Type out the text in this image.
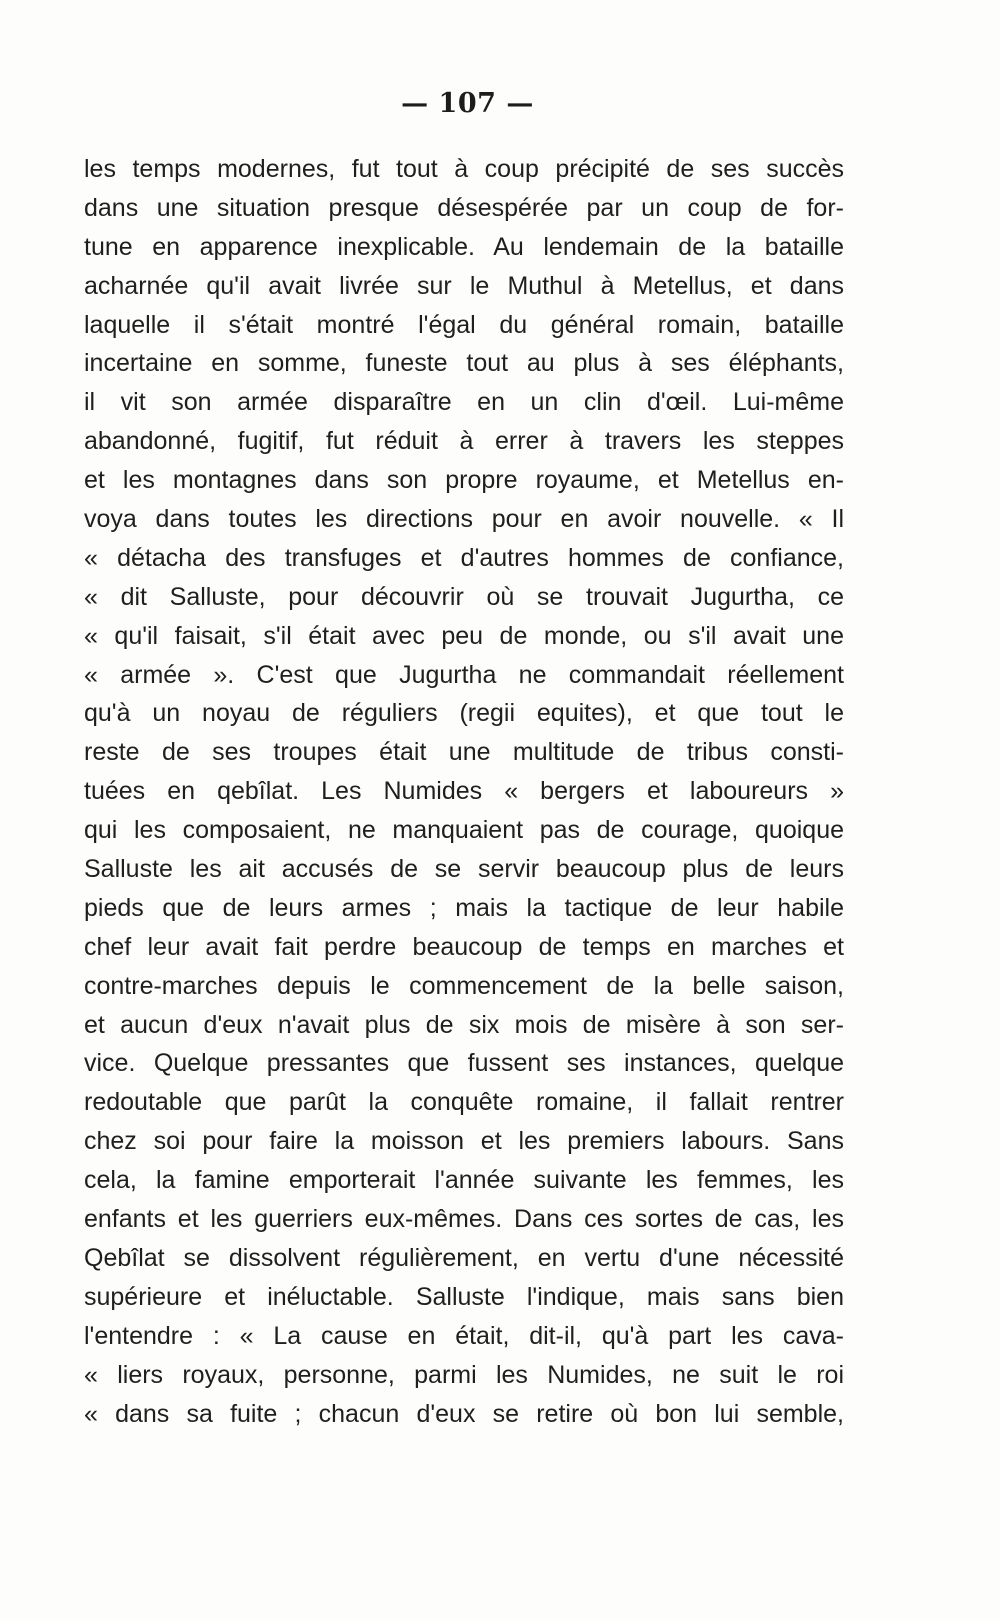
— 107 —
les temps modernes, fut tout à coup précipité de ses succès
dans une situation presque désespérée par un coup de for-
tune en apparence inexplicable. Au lendemain de la bataille
acharnée qu'il avait livrée sur le Muthul à Metellus, et dans
laquelle il s'était montré l'égal du général romain, bataille
incertaine en somme, funeste tout au plus à ses éléphants,
il vit son armée disparaître en un clin d'œil. Lui-même
abandonné, fugitif, fut réduit à errer à travers les steppes
et les montagnes dans son propre royaume, et Metellus en-
voya dans toutes les directions pour en avoir nouvelle. « Il
« détacha des transfuges et d'autres hommes de confiance,
« dit Salluste, pour découvrir où se trouvait Jugurtha, ce
« qu'il faisait, s'il était avec peu de monde, ou s'il avait une
« armée ». C'est que Jugurtha ne commandait réellement
qu'à un noyau de réguliers (regii equites), et que tout le
reste de ses troupes était une multitude de tribus consti-
tuées en qebîlat. Les Numides « bergers et laboureurs »
qui les composaient, ne manquaient pas de courage, quoique
Salluste les ait accusés de se servir beaucoup plus de leurs
pieds que de leurs armes ; mais la tactique de leur habile
chef leur avait fait perdre beaucoup de temps en marches et
contre-marches depuis le commencement de la belle saison,
et aucun d'eux n'avait plus de six mois de misère à son ser-
vice. Quelque pressantes que fussent ses instances, quelque
redoutable que parût la conquête romaine, il fallait rentrer
chez soi pour faire la moisson et les premiers labours. Sans
cela, la famine emporterait l'année suivante les femmes, les
enfants et les guerriers eux-mêmes. Dans ces sortes de cas, les
Qebîlat se dissolvent régulièrement, en vertu d'une nécessité
supérieure et inéluctable. Salluste l'indique, mais sans bien
l'entendre : « La cause en était, dit-il, qu'à part les cava-
« liers royaux, personne, parmi les Numides, ne suit le roi
« dans sa fuite ; chacun d'eux se retire où bon lui semble,
